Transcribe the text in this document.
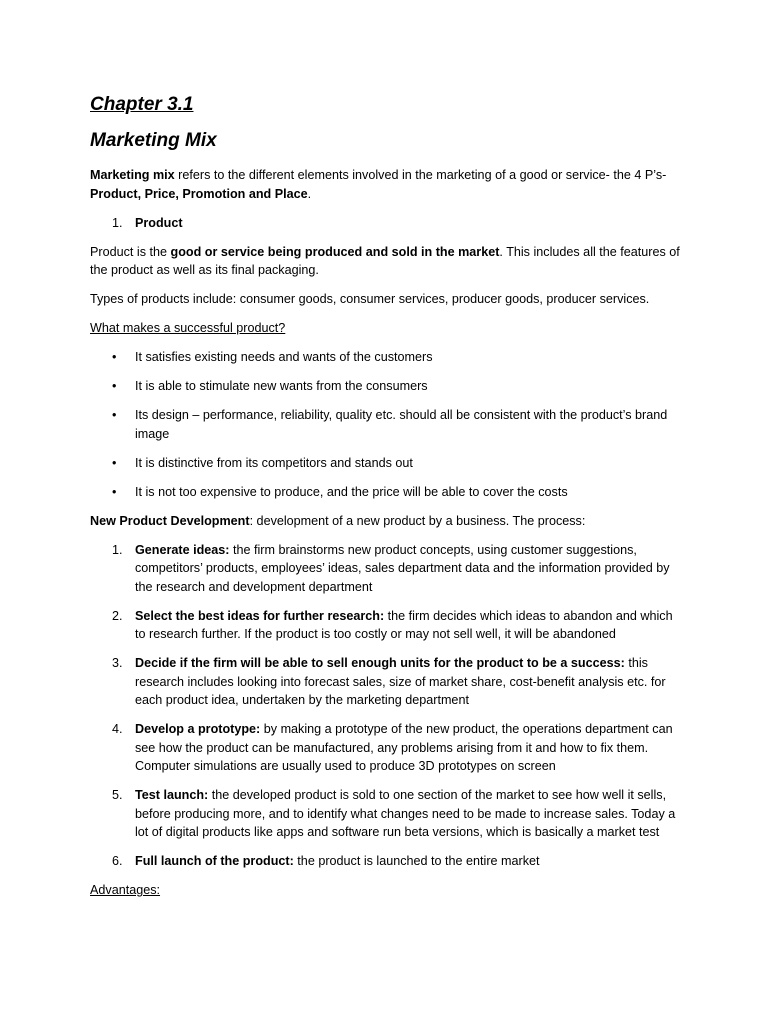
Chapter 3.1
Marketing Mix

Marketing mix refers to the different elements involved in the marketing of a good or service- the 4 P’s- Product, Price, Promotion and Place.

1. Product

Product is the good or service being produced and sold in the market. This includes all the features of the product as well as its final packaging.

Types of products include: consumer goods, consumer services, producer goods, producer services.

What makes a successful product?

• It satisfies existing needs and wants of the customers
• It is able to stimulate new wants from the consumers
• Its design – performance, reliability, quality etc. should all be consistent with the product’s brand image
• It is distinctive from its competitors and stands out
• It is not too expensive to produce, and the price will be able to cover the costs

New Product Development: development of a new product by a business. The process:

1. Generate ideas: the firm brainstorms new product concepts, using customer suggestions, competitors’ products, employees’ ideas, sales department data and the information provided by the research and development department
2. Select the best ideas for further research: the firm decides which ideas to abandon and which to research further. If the product is too costly or may not sell well, it will be abandoned
3. Decide if the firm will be able to sell enough units for the product to be a success: this research includes looking into forecast sales, size of market share, cost-benefit analysis etc. for each product idea, undertaken by the marketing department
4. Develop a prototype: by making a prototype of the new product, the operations department can see how the product can be manufactured, any problems arising from it and how to fix them. Computer simulations are usually used to produce 3D prototypes on screen
5. Test launch: the developed product is sold to one section of the market to see how well it sells, before producing more, and to identify what changes need to be made to increase sales. Today a lot of digital products like apps and software run beta versions, which is basically a market test
6. Full launch of the product: the product is launched to the entire market

Advantages:
